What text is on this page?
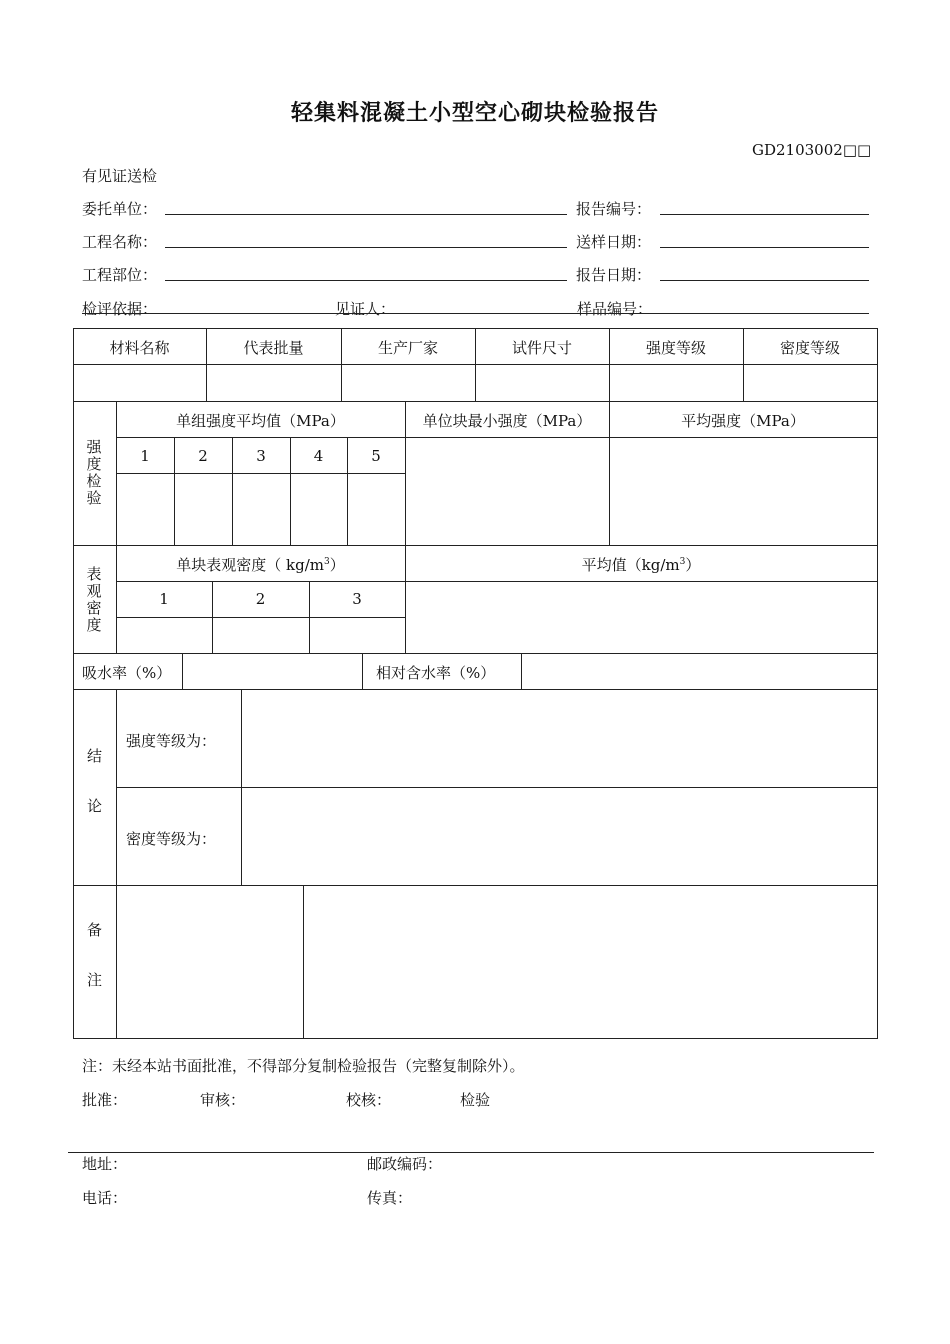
轻集料混凝土小型空心砌块检验报告
GD2103002□□
有见证送检
委托单位：	报告编号：
工程名称：	送样日期：
工程部位：	报告日期：
检评依据：	见证人：	样品编号：
材料名称	代表批量	生产厂家	试件尺寸	强度等级	密度等级
强度检验
单组强度平均值（MPa）	单位块最小强度（MPa）	平均强度（MPa）
1	2	3	4	5
表观密度
单块表观密度（ $kg/m^3$）	平均值$(kg/m^3)$
1	2	3
吸水率（%）	相对含水率（%）
结
论
强度等级为：
密度等级为：
备
注
注：未经本站书面批准，不得部分复制检验报告（完整复制除外）。
批准：	审核：	校核：	检验
地址：	邮政编码：
电话：	传真：
